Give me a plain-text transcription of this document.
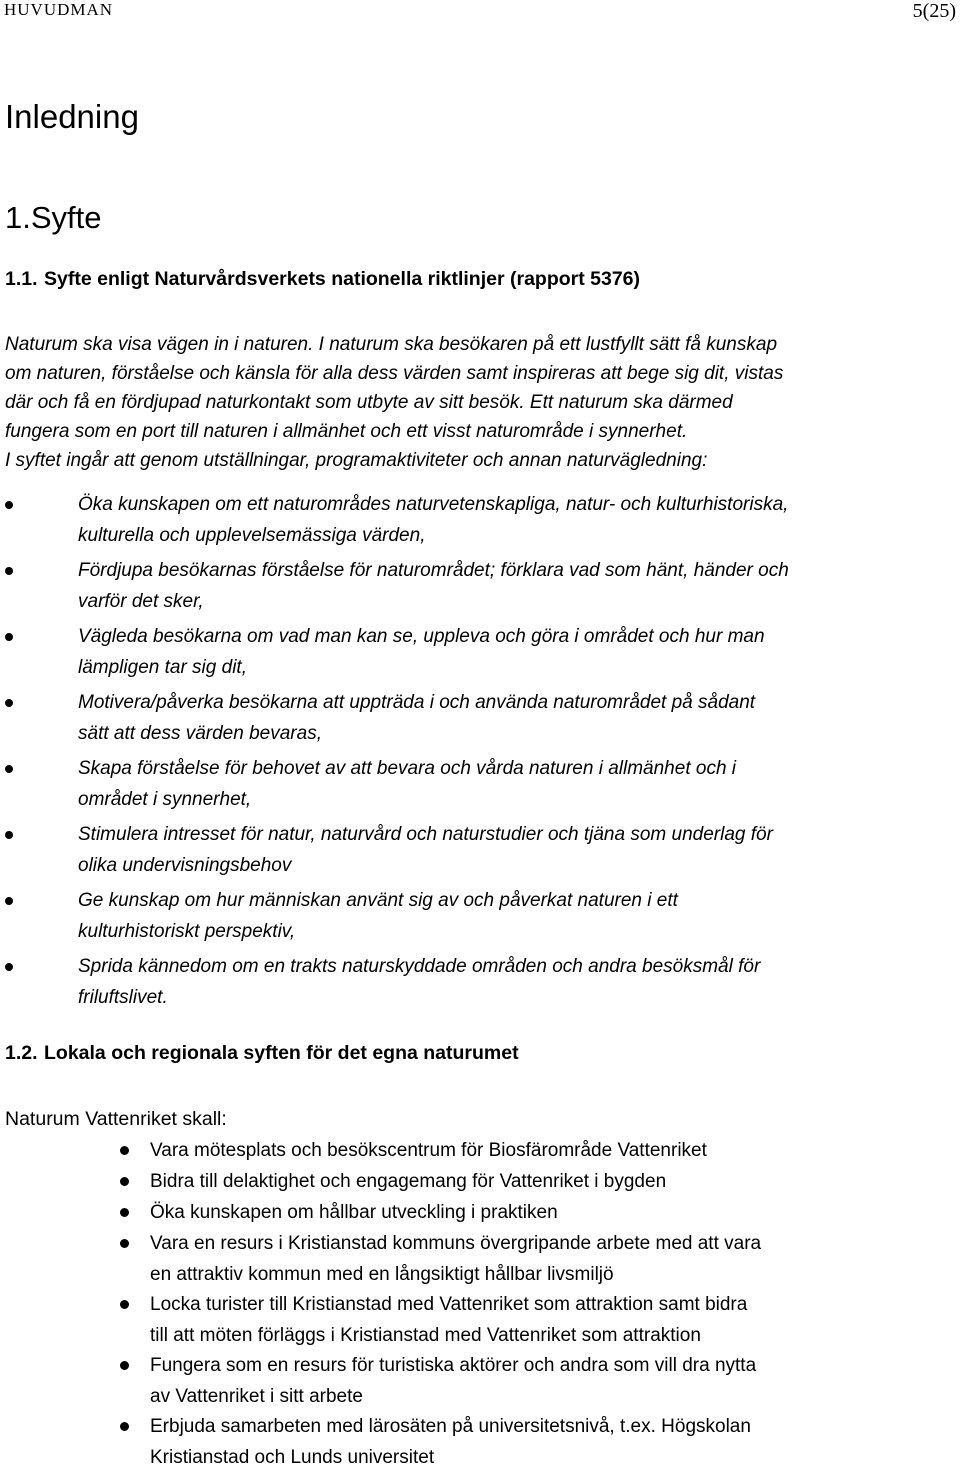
HUVUDMAN	5(25)
Inledning
1.Syfte
1.1. Syfte enligt Naturvårdsverkets nationella riktlinjer (rapport 5376)

Naturum ska visa vägen in i naturen. I naturum ska besökaren på ett lustfyllt sätt få kunskap

om naturen, förståelse och känsla för alla dess värden samt inspireras att bege sig dit, vistas

där och få en fördjupad naturkontakt som utbyte av sitt besök. Ett naturum ska därmed

fungera som en port till naturen i allmänhet och ett visst naturområde i synnerhet.

I syftet ingår att genom utställningar, programaktiviteter och annan naturvägledning:

Öka kunskapen om ett naturområdes naturvetenskapliga, natur- och kulturhistoriska,
kulturella och upplevelsemässiga värden,
Fördjupa besökarnas förståelse för naturområdet; förklara vad som hänt, händer och
varför det sker,
Vägleda besökarna om vad man kan se, uppleva och göra i området och hur man
lämpligen tar sig dit,
Motivera/påverka besökarna att uppträda i och använda naturområdet på sådant
sätt att dess värden bevaras,
Skapa förståelse för behovet av att bevara och vårda naturen i allmänhet och i
området i synnerhet,
Stimulera intresset för natur, naturvård och naturstudier och tjäna som underlag för
olika undervisningsbehov
Ge kunskap om hur människan använt sig av och påverkat naturen i ett
kulturhistoriskt perspektiv,
Sprida kännedom om en trakts naturskyddade områden och andra besöksmål för
friluftslivet.
1.2. Lokala och regionala syften för det egna naturumet
Naturum Vattenriket skall:
Vara mötesplats och besökscentrum för Biosfärområde Vattenriket
Bidra till delaktighet och engagemang för Vattenriket i bygden
Öka kunskapen om hållbar utveckling i praktiken
Vara en resurs i Kristianstad kommuns övergripande arbete med att vara
en attraktiv kommun med en långsiktigt hållbar livsmiljö
Locka turister till Kristianstad med Vattenriket som attraktion samt bidra
till att möten förläggs i Kristianstad med Vattenriket som attraktion
Fungera som en resurs för turistiska aktörer och andra som vill dra nytta
av Vattenriket i sitt arbete
Erbjuda samarbeten med lärosäten på universitetsnivå, t.ex. Högskolan
Kristianstad och Lunds universitet
